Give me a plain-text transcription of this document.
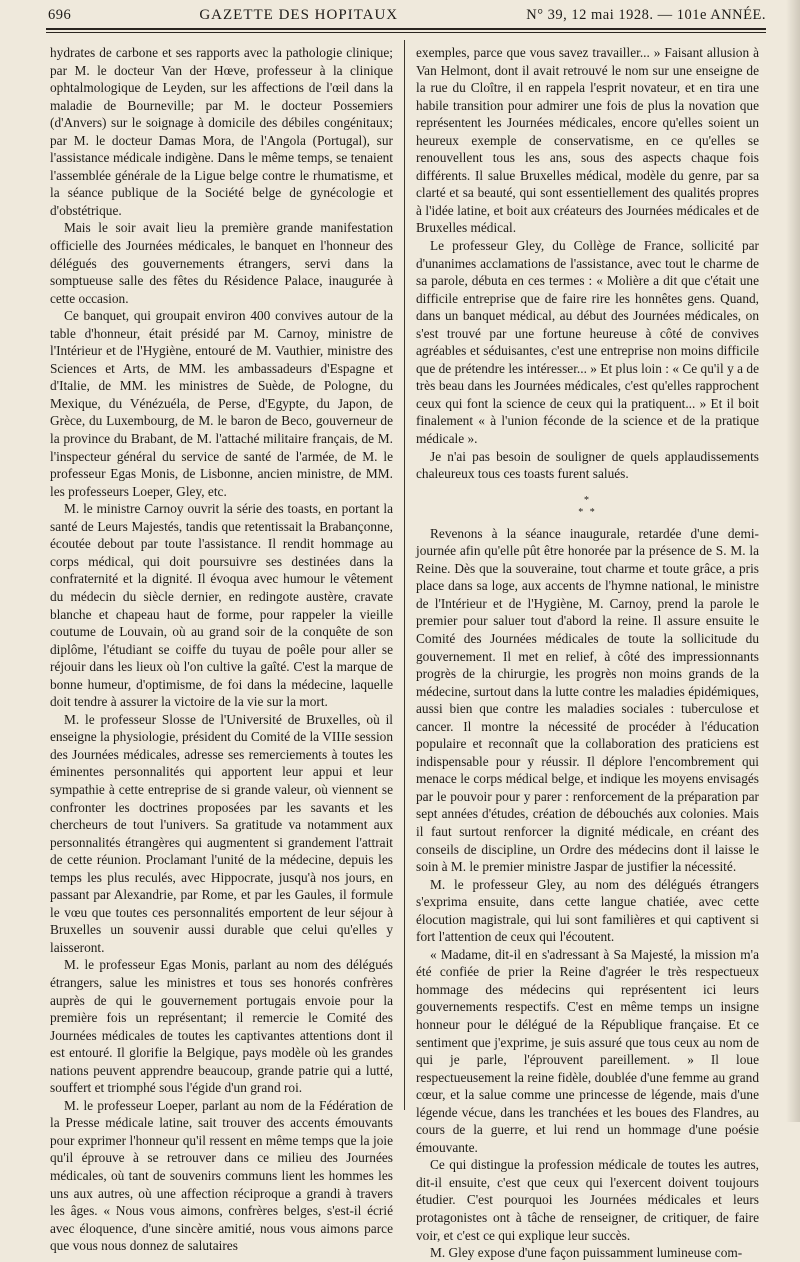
696	GAZETTE DES HOPITAUX	N° 39, 12 mai 1928. — 101e ANNÉE.

hydrates de carbone et ses rapports avec la pathologie clinique; par M. le docteur Van der Hœve, professeur à la clinique ophtalmologique de Leyden, sur les affections de l'œil dans la maladie de Bourneville; par M. le docteur Possemiers (d'Anvers) sur le soignage à domicile des débiles congénitaux; par M. le docteur Damas Mora, de l'Angola (Portugal), sur l'assistance médicale indigène. Dans le même temps, se tenaient l'assemblée générale de la Ligue belge contre le rhumatisme, et la séance publique de la Société belge de gynécologie et d'obstétrique.

Mais le soir avait lieu la première grande manifestation officielle des Journées médicales, le banquet en l'honneur des délégués des gouvernements étrangers, servi dans la somptueuse salle des fêtes du Résidence Palace, inaugurée à cette occasion.

Ce banquet, qui groupait environ 400 convives autour de la table d'honneur, était présidé par M. Carnoy, ministre de l'Intérieur et de l'Hygiène, entouré de M. Vauthier, ministre des Sciences et Arts, de MM. les ambassadeurs d'Espagne et d'Italie, de MM. les ministres de Suède, de Pologne, du Mexique, du Vénézuéla, de Perse, d'Egypte, du Japon, de Grèce, du Luxembourg, de M. le baron de Beco, gouverneur de la province du Brabant, de M. l'attaché militaire français, de M. l'inspecteur général du service de santé de l'armée, de M. le professeur Egas Monis, de Lisbonne, ancien ministre, de MM. les professeurs Loeper, Gley, etc.

M. le ministre Carnoy ouvrit la série des toasts, en portant la santé de Leurs Majestés, tandis que retentissait la Brabançonne, écoutée debout par toute l'assistance. Il rendit hommage au corps médical, qui doit poursuivre ses destinées dans la confraternité et la dignité. Il évoqua avec humour le vêtement du médecin du siècle dernier, en redingote austère, cravate blanche et chapeau haut de forme, pour rappeler la vieille coutume de Louvain, où au grand soir de la conquête de son diplôme, l'étudiant se coiffe du tuyau de poêle pour aller se réjouir dans les lieux où l'on cultive la gaîté. C'est la marque de bonne humeur, d'optimisme, de foi dans la médecine, laquelle doit tendre à assurer la victoire de la vie sur la mort.

M. le professeur Slosse de l'Université de Bruxelles, où il enseigne la physiologie, président du Comité de la VIIIe session des Journées médicales, adresse ses remerciements à toutes les éminentes personnalités qui apportent leur appui et leur sympathie à cette entreprise de si grande valeur, où viennent se confronter les doctrines proposées par les savants et les chercheurs de tout l'univers. Sa gratitude va notamment aux personnalités étrangères qui augmentent si grandement l'attrait de cette réunion. Proclamant l'unité de la médecine, depuis les temps les plus reculés, avec Hippocrate, jusqu'à nos jours, en passant par Alexandrie, par Rome, et par les Gaules, il formule le vœu que toutes ces personnalités emportent de leur séjour à Bruxelles un souvenir aussi durable que celui qu'elles y laisseront.

M. le professeur Egas Monis, parlant au nom des délégués étrangers, salue les ministres et tous ses honorés confrères auprès de qui le gouvernement portugais envoie pour la première fois un représentant; il remercie le Comité des Journées médicales de toutes les captivantes attentions dont il est entouré. Il glorifie la Belgique, pays modèle où les grandes nations peuvent apprendre beaucoup, grande patrie qui a lutté, souffert et triomphé sous l'égide d'un grand roi.

M. le professeur Loeper, parlant au nom de la Fédération de la Presse médicale latine, sait trouver des accents émouvants pour exprimer l'honneur qu'il ressent en même temps que la joie qu'il éprouve à se retrouver dans ce milieu des Journées médicales, où tant de souvenirs communs lient les hommes les uns aux autres, où une affection réciproque a grandi à travers les âges. « Nous vous aimons, confrères belges, s'est-il écrié avec éloquence, d'une sincère amitié, nous vous aimons parce que vous nous donnez de salutaires

exemples, parce que vous savez travailler... » Faisant allusion à Van Helmont, dont il avait retrouvé le nom sur une enseigne de la rue du Cloître, il en rappela l'esprit novateur, et en tira une habile transition pour admirer une fois de plus la novation que représentent les Journées médicales, encore qu'elles soient un heureux exemple de conservatisme, en ce qu'elles se renouvellent tous les ans, sous des aspects chaque fois différents. Il salue Bruxelles médical, modèle du genre, par sa clarté et sa beauté, qui sont essentiellement des qualités propres à l'idée latine, et boit aux créateurs des Journées médicales et de Bruxelles médical.

Le professeur Gley, du Collège de France, sollicité par d'unanimes acclamations de l'assistance, avec tout le charme de sa parole, débuta en ces termes : « Molière a dit que c'était une difficile entreprise que de faire rire les honnêtes gens. Quand, dans un banquet médical, au début des Journées médicales, on s'est trouvé par une fortune heureuse à côté de convives agréables et séduisantes, c'est une entreprise non moins difficile que de prétendre les intéresser... » Et plus loin : « Ce qu'il y a de très beau dans les Journées médicales, c'est qu'elles rapprochent ceux qui font la science de ceux qui la pratiquent... » Et il boit finalement « à l'union féconde de la science et de la pratique médicale ».

Je n'ai pas besoin de souligner de quels applaudissements chaleureux tous ces toasts furent salués.

*
* *

Revenons à la séance inaugurale, retardée d'une demi-journée afin qu'elle pût être honorée par la présence de S. M. la Reine. Dès que la souveraine, tout charme et toute grâce, a pris place dans sa loge, aux accents de l'hymne national, le ministre de l'Intérieur et de l'Hygiène, M. Carnoy, prend la parole le premier pour saluer tout d'abord la reine. Il assure ensuite le Comité des Journées médicales de toute la sollicitude du gouvernement. Il met en relief, à côté des impressionnants progrès de la chirurgie, les progrès non moins grands de la médecine, surtout dans la lutte contre les maladies épidémiques, aussi bien que contre les maladies sociales : tuberculose et cancer. Il montre la nécessité de procéder à l'éducation populaire et reconnaît que la collaboration des praticiens est indispensable pour y réussir. Il déplore l'encombrement qui menace le corps médical belge, et indique les moyens envisagés par le pouvoir pour y parer : renforcement de la préparation par sept années d'études, création de débouchés aux colonies. Mais il faut surtout renforcer la dignité médicale, en créant des conseils de discipline, un Ordre des médecins dont il laisse le soin à M. le premier ministre Jaspar de justifier la nécessité.

M. le professeur Gley, au nom des délégués étrangers s'exprima ensuite, dans cette langue chatiée, avec cette élocution magistrale, qui lui sont familières et qui captivent si fort l'attention de ceux qui l'écoutent.

« Madame, dit-il en s'adressant à Sa Majesté, la mission m'a été confiée de prier la Reine d'agréer le très respectueux hommage des médecins qui représentent ici leurs gouvernements respectifs. C'est en même temps un insigne honneur pour le délégué de la République française. Et ce sentiment que j'exprime, je suis assuré que tous ceux au nom de qui je parle, l'éprouvent pareillement. » Il loue respectueusement la reine fidèle, doublée d'une femme au grand cœur, et la salue comme une princesse de légende, mais d'une légende vécue, dans les tranchées et les boues des Flandres, au cours de la guerre, et lui rend un hommage d'une poésie émouvante.

Ce qui distingue la profession médicale de toutes les autres, dit-il ensuite, c'est que ceux qui l'exercent doivent toujours étudier. C'est pourquoi les Journées médicales et leurs protagonistes ont à tâche de renseigner, de critiquer, de faire voir, et c'est ce qui explique leur succès.

M. Gley expose d'une façon puissamment lumineuse com-
